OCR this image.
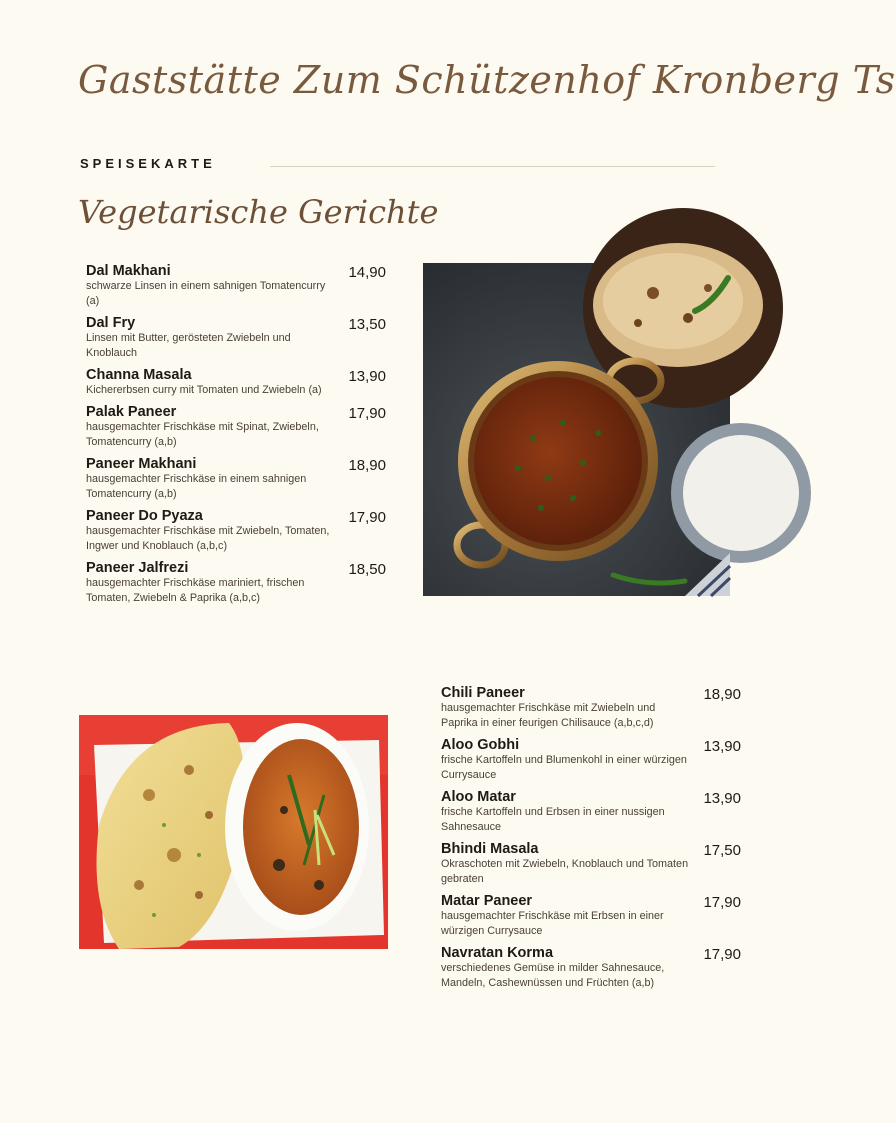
Gaststätte Zum Schützenhof Kronberg Ts
SPEISEKARTE
Vegetarische Gerichte
Dal Makhani
schwarze Linsen in einem sahnigen Tomatencurry (a)
14,90
Dal Fry
Linsen mit Butter, gerösteten Zwiebeln und Knoblauch
13,50
Channa Masala
Kichererbsen curry mit Tomaten und Zwiebeln (a)
13,90
Palak Paneer
hausgemachter Frischkäse mit Spinat, Zwiebeln, Tomatencurry (a,b)
17,90
Paneer Makhani
hausgemachter Frischkäse in einem sahnigen Tomatencurry (a,b)
18,90
Paneer Do Pyaza
hausgemachter Frischkäse mit Zwiebeln, Tomaten, Ingwer und Knoblauch (a,b,c)
17,90
Paneer Jalfrezi
hausgemachter Frischkäse mariniert, frischen Tomaten, Zwiebeln & Paprika (a,b,c)
18,50
Chili Paneer
hausgemachter Frischkäse mit Zwiebeln und Paprika in einer feurigen Chilisauce (a,b,c,d)
18,90
Aloo Gobhi
frische Kartoffeln und Blumenkohl in einer würzigen Currysauce
13,90
Aloo Matar
frische Kartoffeln und Erbsen in einer nussigen Sahnesauce
13,90
Bhindi Masala
Okraschoten mit Zwiebeln, Knoblauch und Tomaten gebraten
17,50
Matar Paneer
hausgemachter Frischkäse mit Erbsen in einer würzigen Currysauce
17,90
Navratan Korma
verschiedenes Gemüse in milder Sahnesauce, Mandeln, Cashewnüssen und Früchten (a,b)
17,90
